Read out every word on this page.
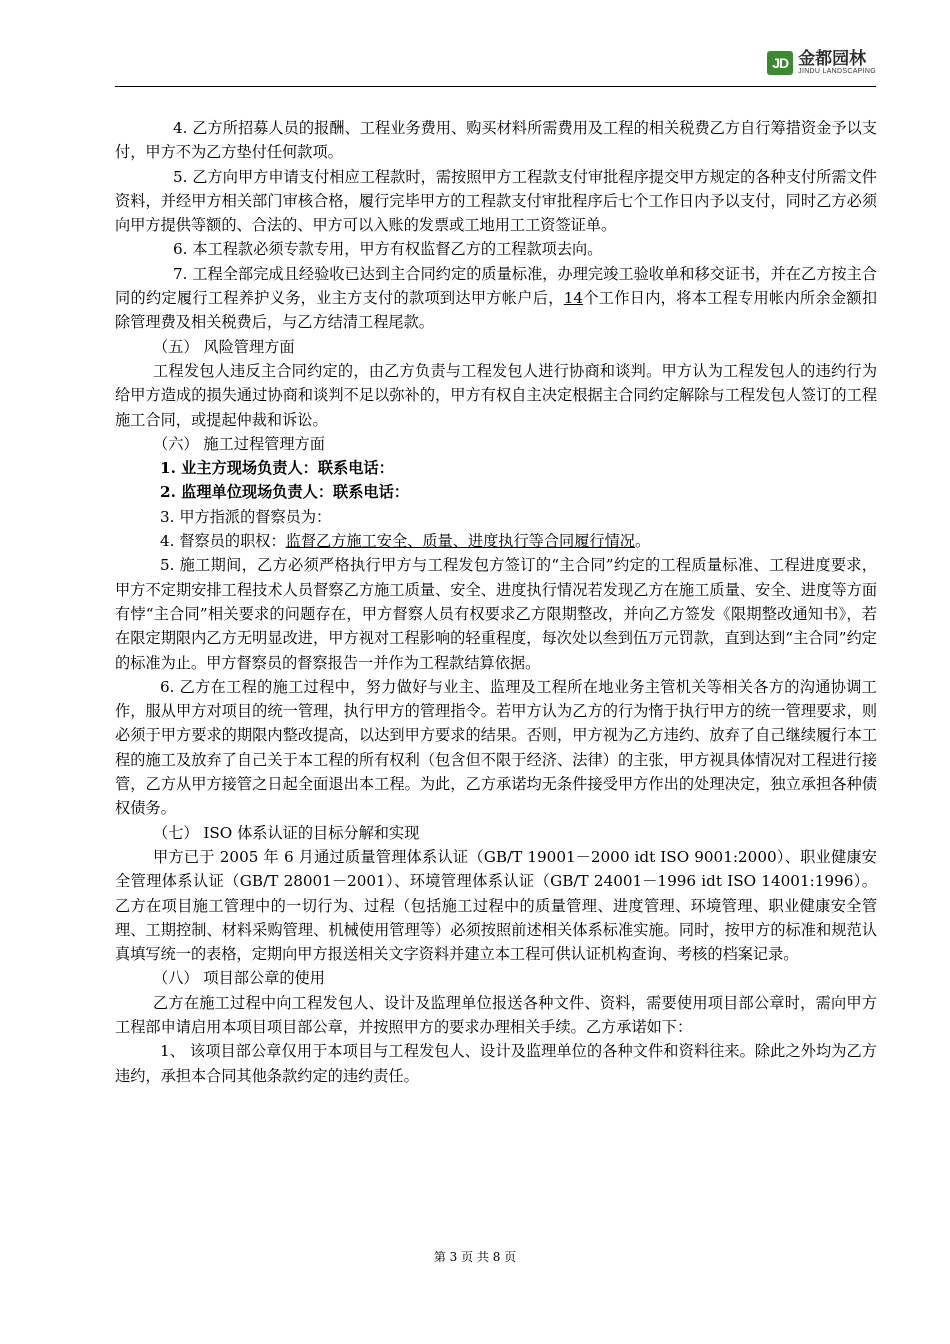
JD 金都园林
JINDU LANDSCAPING

4. 乙方所招募人员的报酬、工程业务费用、购买材料所需费用及工程的相关税费乙方自行筹措资金予以支付，甲方不为乙方垫付任何款项。

5. 乙方向甲方申请支付相应工程款时，需按照甲方工程款支付审批程序提交甲方规定的各种支付所需文件资料，并经甲方相关部门审核合格，履行完毕甲方的工程款支付审批程序后七个工作日内予以支付，同时乙方必须向甲方提供等额的、合法的、甲方可以入账的发票或工地用工工资签证单。

6. 本工程款必须专款专用，甲方有权监督乙方的工程款项去向。

7. 工程全部完成且经验收已达到主合同约定的质量标准，办理完竣工验收单和移交证书，并在乙方按主合同的约定履行工程养护义务，业主方支付的款项到达甲方帐户后，14个工作日内，将本工程专用帐内所余金额扣除管理费及相关税费后，与乙方结清工程尾款。

（五） 风险管理方面

工程发包人违反主合同约定的，由乙方负责与工程发包人进行协商和谈判。甲方认为工程发包人的违约行为给甲方造成的损失通过协商和谈判不足以弥补的，甲方有权自主决定根据主合同约定解除与工程发包人签订的工程施工合同，或提起仲裁和诉讼。

（六） 施工过程管理方面

1. 业主方现场负责人：联系电话：

2. 监理单位现场负责人：联系电话：

3. 甲方指派的督察员为：

4. 督察员的职权：监督乙方施工安全、质量、进度执行等合同履行情况。

5. 施工期间，乙方必须严格执行甲方与工程发包方签订的“主合同”约定的工程质量标准、工程进度要求，甲方不定期安排工程技术人员督察乙方施工质量、安全、进度执行情况若发现乙方在施工质量、安全、进度等方面有悖“主合同”相关要求的问题存在，甲方督察人员有权要求乙方限期整改，并向乙方签发《限期整改通知书》，若在限定期限内乙方无明显改进，甲方视对工程影响的轻重程度，每次处以叁到伍万元罚款，直到达到“主合同”约定的标准为止。甲方督察员的督察报告一并作为工程款结算依据。

6. 乙方在工程的施工过程中，努力做好与业主、监理及工程所在地业务主管机关等相关各方的沟通协调工作，服从甲方对项目的统一管理，执行甲方的管理指令。若甲方认为乙方的行为惰于执行甲方的统一管理要求，则必须于甲方要求的期限内整改提高，以达到甲方要求的结果。否则，甲方视为乙方违约、放弃了自己继续履行本工程的施工及放弃了自己关于本工程的所有权利（包含但不限于经济、法律）的主张，甲方视具体情况对工程进行接管，乙方从甲方接管之日起全面退出本工程。为此，乙方承诺均无条件接受甲方作出的处理决定，独立承担各种债权债务。

（七） ISO 体系认证的目标分解和实现

甲方已于 2005 年 6 月通过质量管理体系认证（GB/T 19001－2000 idt ISO 9001:2000）、职业健康安全管理体系认证（GB/T 28001－2001）、环境管理体系认证（GB/T 24001－1996 idt ISO 14001:1996）。乙方在项目施工管理中的一切行为、过程（包括施工过程中的质量管理、进度管理、环境管理、职业健康安全管理、工期控制、材料采购管理、机械使用管理等）必须按照前述相关体系标准实施。同时，按甲方的标准和规范认真填写统一的表格，定期向甲方报送相关文字资料并建立本工程可供认证机构查询、考核的档案记录。

（八） 项目部公章的使用

乙方在施工过程中向工程发包人、设计及监理单位报送各种文件、资料，需要使用项目部公章时，需向甲方工程部申请启用本项目项目部公章，并按照甲方的要求办理相关手续。乙方承诺如下：

1、 该项目部公章仅用于本项目与工程发包人、设计及监理单位的各种文件和资料往来。除此之外均为乙方违约，承担本合同其他条款约定的违约责任。

第 3 页 共 8 页
